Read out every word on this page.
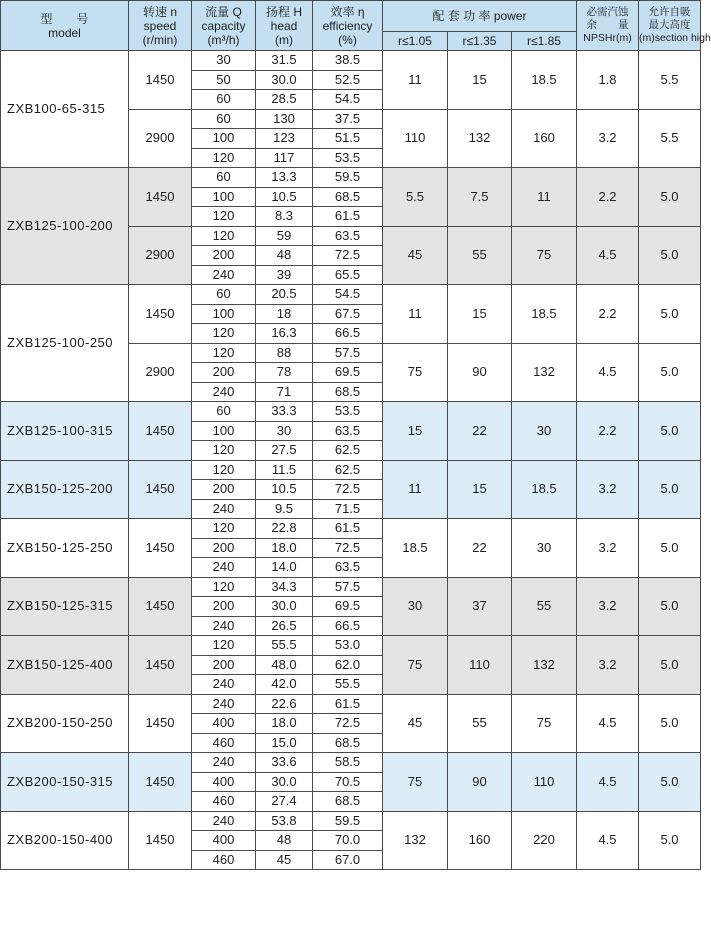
型　　号
model	转速 n
speed
(r/min)	流量 Q
capacity
(m³/h)	扬程 H
head
(m)	效率 η
efficiency
(%)	配 套 功 率 power			必需汽蚀
余　　量
NPSHr(m)	允许自吸
最大高度
(m)section high

					r≤1.05	r≤1.35	r≤1.85		
ZXB100-65-315	1450	30	31.5	38.5	11	15	18.5	1.8	5.5
		50	30.0	52.5					
		60	28.5	54.5					
	2900	60	130	37.5	110	132	160	3.2	5.5
		100	123	51.5					
		120	117	53.5					
ZXB125-100-200	1450	60	13.3	59.5	5.5	7.5	11	2.2	5.0
		100	10.5	68.5					
		120	8.3	61.5					
	2900	120	59	63.5	45	55	75	4.5	5.0
		200	48	72.5					
		240	39	65.5					
ZXB125-100-250	1450	60	20.5	54.5	11	15	18.5	2.2	5.0
		100	18	67.5					
		120	16.3	66.5					
	2900	120	88	57.5	75	90	132	4.5	5.0
		200	78	69.5					
		240	71	68.5					
ZXB125-100-315	1450	60	33.3	53.5	15	22	30	2.2	5.0
		100	30	63.5					
		120	27.5	62.5					
ZXB150-125-200	1450	120	11.5	62.5	11	15	18.5	3.2	5.0
		200	10.5	72.5					
		240	9.5	71.5					
ZXB150-125-250	1450	120	22.8	61.5	18.5	22	30	3.2	5.0
		200	18.0	72.5					
		240	14.0	63.5					
ZXB150-125-315	1450	120	34.3	57.5	30	37	55	3.2	5.0
		200	30.0	69.5					
		240	26.5	66.5					
ZXB150-125-400	1450	120	55.5	53.0	75	110	132	3.2	5.0
		200	48.0	62.0					
		240	42.0	55.5					
ZXB200-150-250	1450	240	22.6	61.5	45	55	75	4.5	5.0
		400	18.0	72.5					
		460	15.0	68.5					
ZXB200-150-315	1450	240	33.6	58.5	75	90	110	4.5	5.0
		400	30.0	70.5					
		460	27.4	68.5					
ZXB200-150-400	1450	240	53.8	59.5	132	160	220	4.5	5.0
		400	48	70.0					
		460	45	67.0					
